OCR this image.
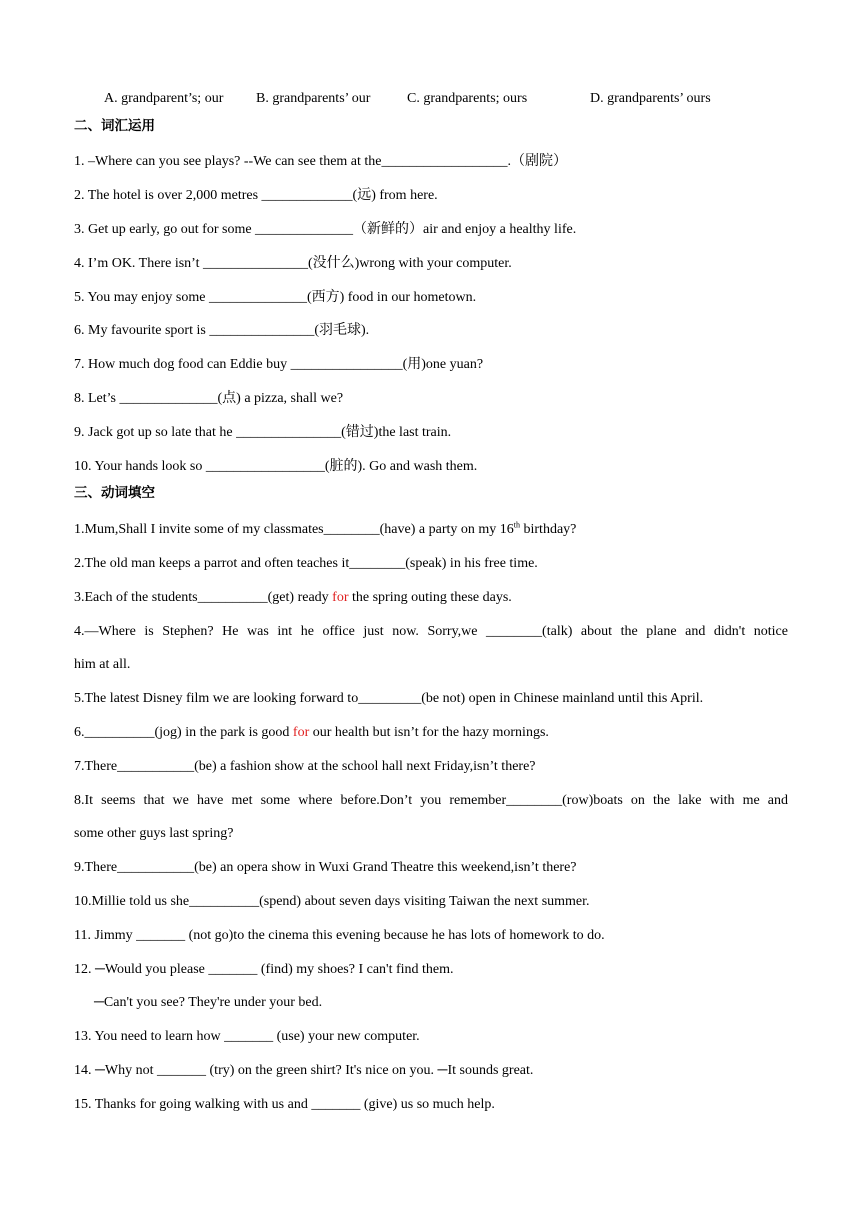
A. grandparent’s; our B. grandparents’ our	C. grandparents; ours	D. grandparents’ ours
二、词汇运用
1. –Where can you see plays? --We can see them at the__________________.（剧院）
2. The hotel is over 2,000 metres _____________(远) from here.
3. Get up early, go out for some ______________（新鲜的）air and enjoy a healthy life.
4. I’m OK. There isn’t _______________(没什么)wrong with your computer.
5. You may enjoy some ______________(西方) food in our hometown.
6. My favourite sport is _______________(羽毛球).
7. How much dog food can Eddie buy ________________(用)one yuan?
8. Let’s ______________(点) a pizza, shall we?
9. Jack got up so late that he _______________(错过)the last train.
10. Your hands look so _________________(脏的). Go and wash them.
三、动词填空
1.Mum,Shall I invite some of my classmates________(have) a party on my 16th birthday?
2.The old man keeps a parrot and often teaches it________(speak) in his free time.
3.Each of the students__________(get) ready for the spring outing these days.
4.—Where is Stephen? He was int he office just now. Sorry,we ________(talk) about the plane and didn't notice
him at all.
5.The latest Disney film we are looking forward to_________(be not) open in Chinese mainland until this April.
6.__________(jog) in the park is good for our health but isn’t for the hazy mornings.
7.There___________(be) a fashion show at the school hall next Friday,isn’t there?
8.It seems that we have met some where before.Don’t you remember________(row)boats on the lake with me and
some other guys last spring?
9.There___________(be) an opera show in Wuxi Grand Theatre this weekend,isn’t there?
10.Millie told us she__________(spend) about seven days visiting Taiwan the next summer.
11. Jimmy _______ (not go)to the cinema this evening because he has lots of homework to do.
12. ─Would you please _______ (find) my shoes? I can't find them.
─Can't you see? They're under your bed.
13. You need to learn how _______ (use) your new computer.
14. ─Why not _______ (try) on the green shirt? It's nice on you. ─It sounds great.
15. Thanks for going walking with us and _______ (give) us so much help.
